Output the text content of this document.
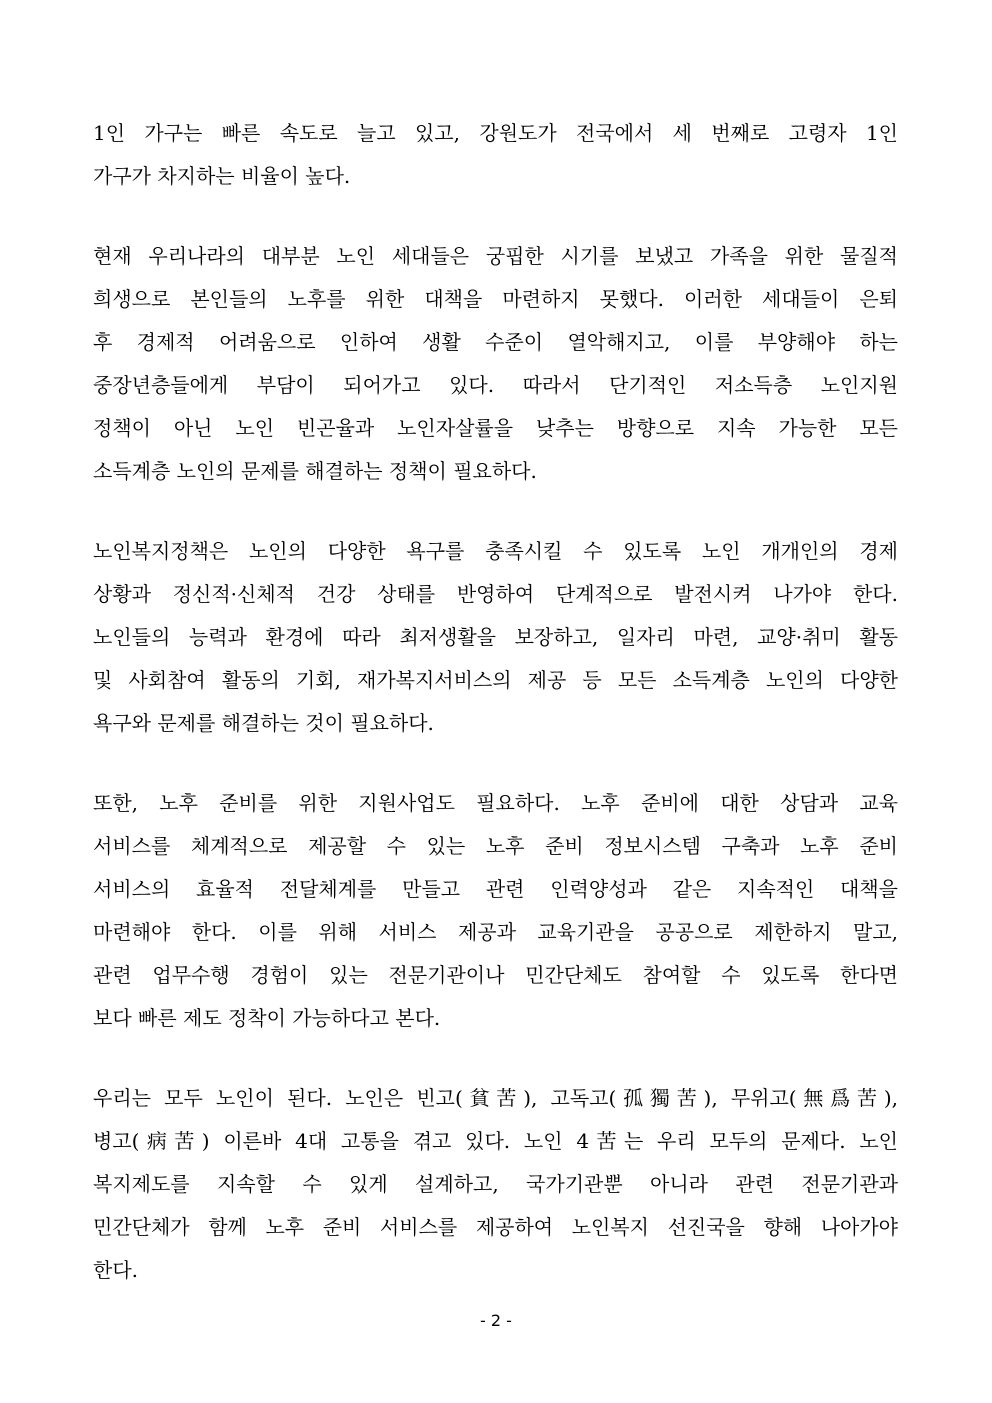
1인 가구는 빠른 속도로 늘고 있고, 강원도가 전국에서 세 번째로 고령자 1인
가구가 차지하는 비율이 높다.
현재 우리나라의 대부분 노인 세대들은 궁핍한 시기를 보냈고 가족을 위한 물질적
희생으로 본인들의 노후를 위한 대책을 마련하지 못했다. 이러한 세대들이 은퇴
후 경제적 어려움으로 인하여 생활 수준이 열악해지고, 이를 부양해야 하는
중장년층들에게 부담이 되어가고 있다. 따라서 단기적인 저소득층 노인지원
정책이 아닌 노인 빈곤율과 노인자살률을 낮추는 방향으로 지속 가능한 모든
소득계층 노인의 문제를 해결하는 정책이 필요하다.
노인복지정책은 노인의 다양한 욕구를 충족시킬 수 있도록 노인 개개인의 경제
상황과 정신적·신체적 건강 상태를 반영하여 단계적으로 발전시켜 나가야 한다.
노인들의 능력과 환경에 따라 최저생활을 보장하고, 일자리 마련, 교양·취미 활동
및 사회참여 활동의 기회, 재가복지서비스의 제공 등 모든 소득계층 노인의 다양한
욕구와 문제를 해결하는 것이 필요하다.
또한, 노후 준비를 위한 지원사업도 필요하다. 노후 준비에 대한 상담과 교육
서비스를 체계적으로 제공할 수 있는 노후 준비 정보시스템 구축과 노후 준비
서비스의 효율적 전달체계를 만들고 관련 인력양성과 같은 지속적인 대책을
마련해야 한다. 이를 위해 서비스 제공과 교육기관을 공공으로 제한하지 말고,
관련 업무수행 경험이 있는 전문기관이나 민간단체도 참여할 수 있도록 한다면
보다 빠른 제도 정착이 가능하다고 본다.
우리는 모두 노인이 된다. 노인은 빈고(貧苦), 고독고(孤獨苦), 무위고(無爲苦),
병고(病苦) 이른바 4대 고통을 겪고 있다. 노인 4苦는 우리 모두의 문제다. 노인
복지제도를 지속할 수 있게 설계하고, 국가기관뿐 아니라 관련 전문기관과
민간단체가 함께 노후 준비 서비스를 제공하여 노인복지 선진국을 향해 나아가야
한다.
- 2 -
